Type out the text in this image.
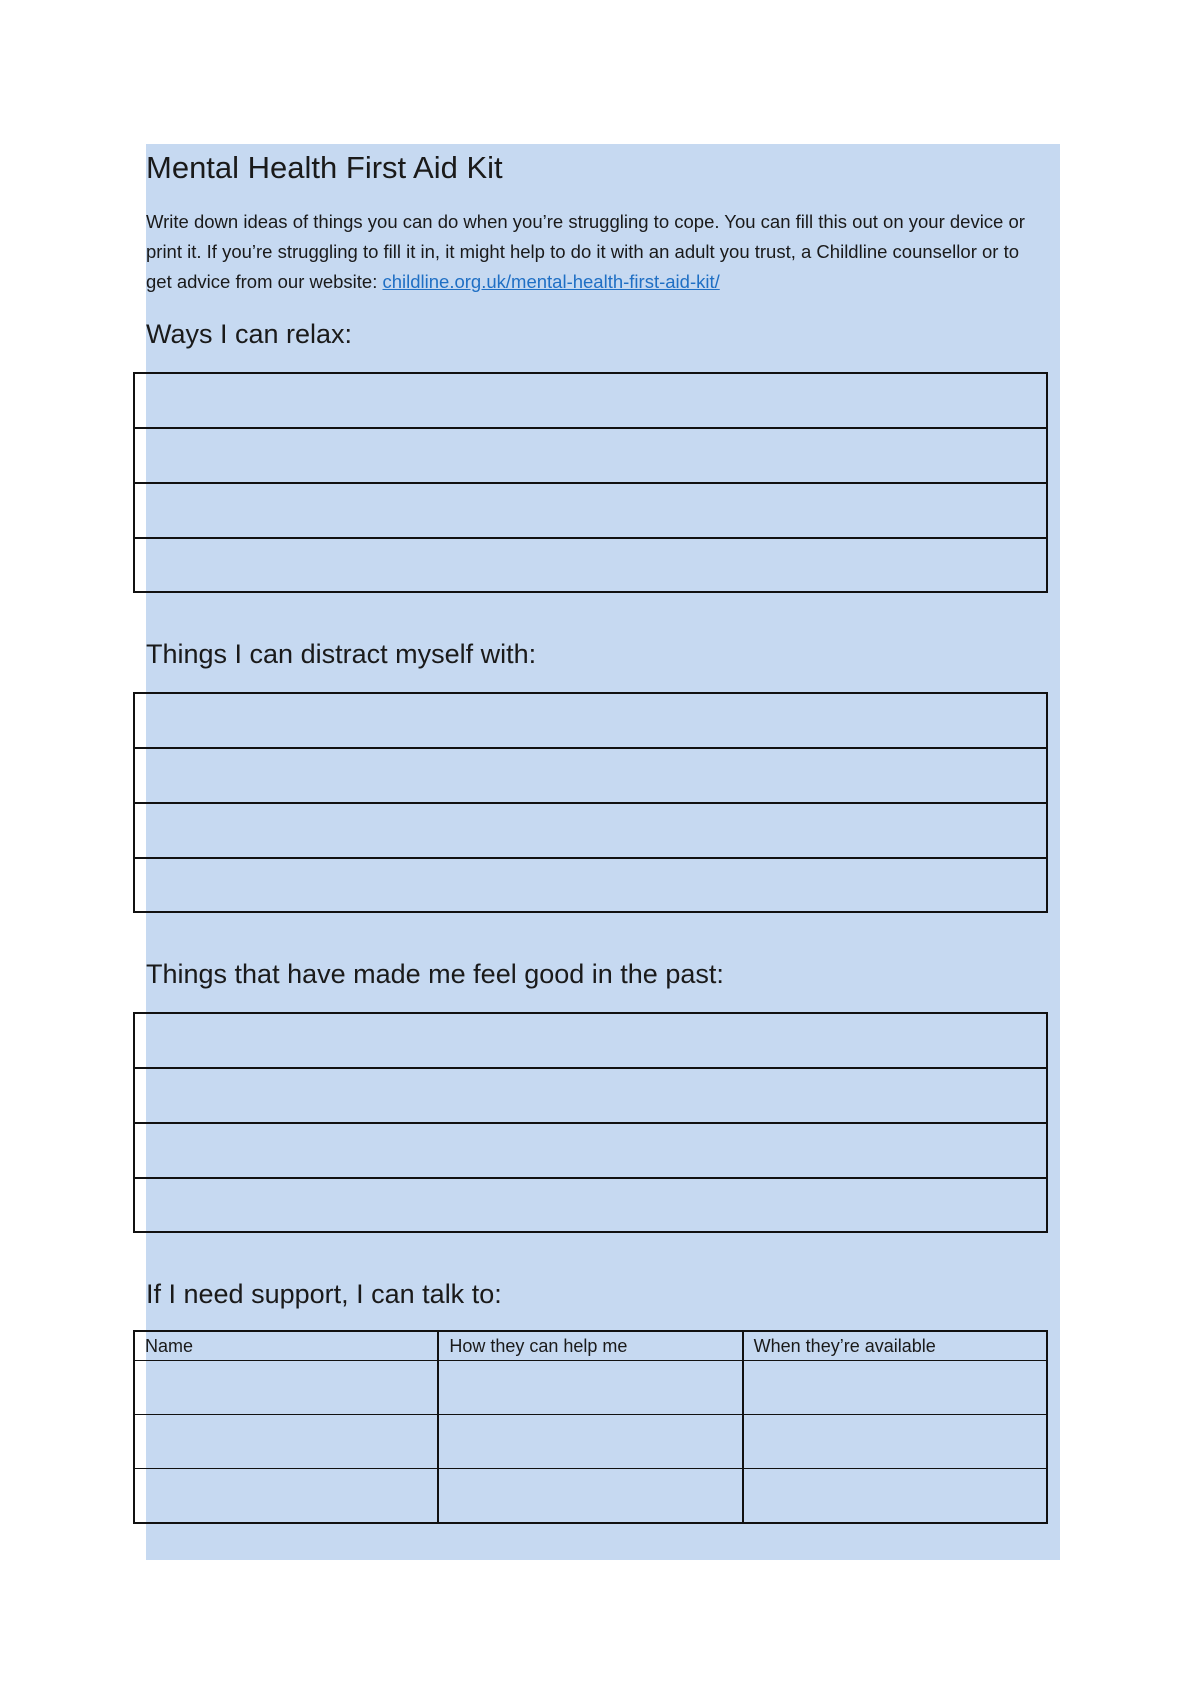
Mental Health First Aid Kit

Write down ideas of things you can do when you’re struggling to cope. You can fill this out on your device or print it. If you’re struggling to fill it in, it might help to do it with an adult you trust, a Childline counsellor or to get advice from our website: childline.org.uk/mental-health-first-aid-kit/

Ways I can relax:
Things I can distract myself with:
Things that have made me feel good in the past:
If I need support, I can talk to:
Name	How they can help me	When they’re available
